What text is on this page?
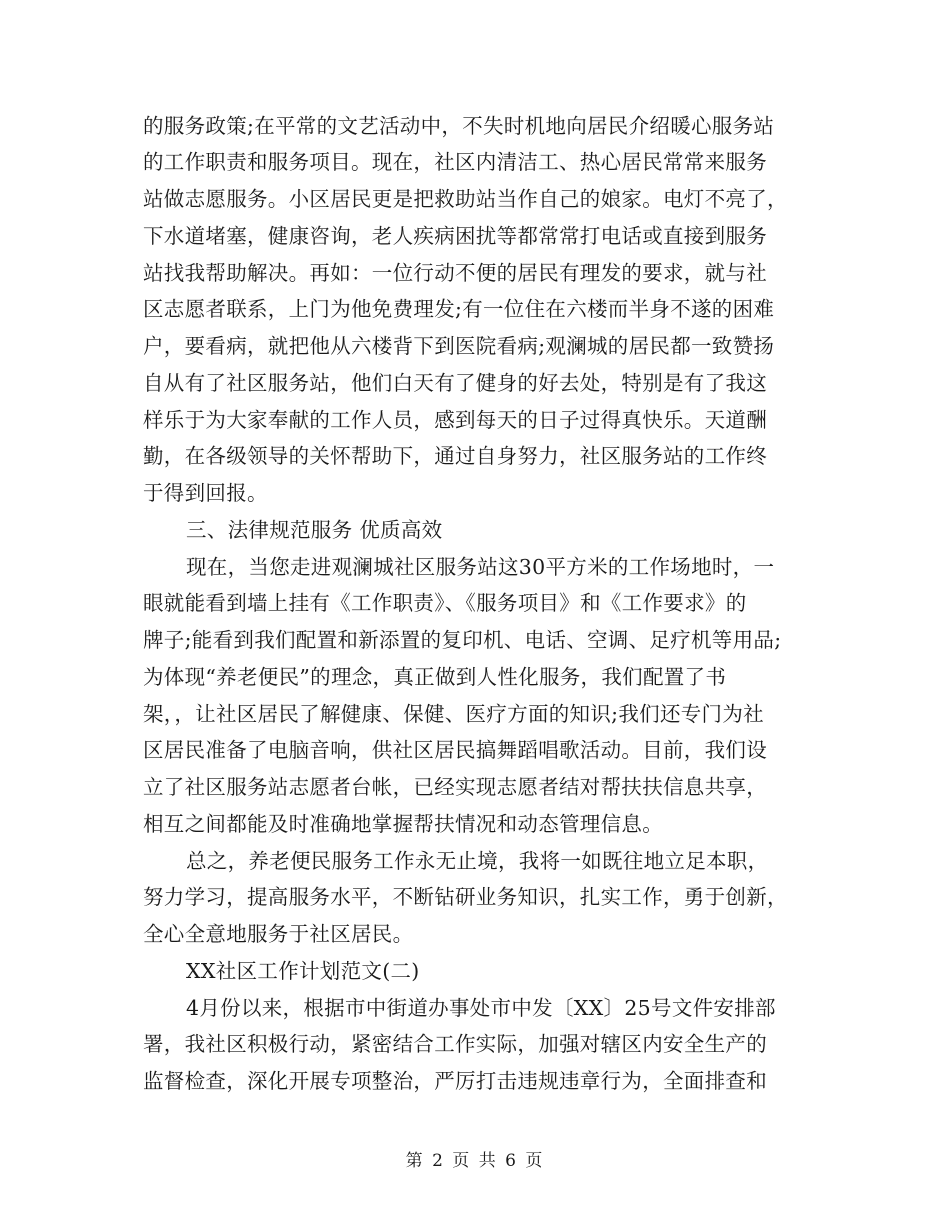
的服务政策;在平常的文艺活动中，不失时机地向居民介绍暖心服务站
的工作职责和服务项目。现在，社区内清洁工、热心居民常常来服务
站做志愿服务。小区居民更是把救助站当作自己的娘家。电灯不亮了，
下水道堵塞，健康咨询，老人疾病困扰等都常常打电话或直接到服务
站找我帮助解决。再如：一位行动不便的居民有理发的要求，就与社
区志愿者联系，上门为他免费理发;有一位住在六楼而半身不遂的困难
户，要看病，就把他从六楼背下到医院看病;观澜城的居民都一致赞扬
自从有了社区服务站，他们白天有了健身的好去处，特别是有了我这
样乐于为大家奉献的工作人员，感到每天的日子过得真快乐。天道酬
勤，在各级领导的关怀帮助下，通过自身努力，社区服务站的工作终
于得到回报。
三、法律规范服务 优质高效
现在，当您走进观澜城社区服务站这30平方米的工作场地时，一
眼就能看到墙上挂有《工作职责》、《服务项目》和《工作要求》的
牌子;能看到我们配置和新添置的复印机、电话、空调、足疗机等用品;
为体现“养老便民”的理念，真正做到人性化服务，我们配置了书
架，，让社区居民了解健康、保健、医疗方面的知识;我们还专门为社
区居民准备了电脑音响，供社区居民搞舞蹈唱歌活动。目前，我们设
立了社区服务站志愿者台帐，已经实现志愿者结对帮扶扶信息共享，
相互之间都能及时准确地掌握帮扶情况和动态管理信息。
总之，养老便民服务工作永无止境，我将一如既往地立足本职，
努力学习，提高服务水平，不断钻研业务知识，扎实工作，勇于创新，
全心全意地服务于社区居民。
XX社区工作计划范文(二)
4月份以来，根据市中街道办事处市中发〔XX〕25号文件安排部
署，我社区积极行动，紧密结合工作实际，加强对辖区内安全生产的
监督检查，深化开展专项整治，严厉打击违规违章行为，全面排查和
第 2 页 共 6 页
